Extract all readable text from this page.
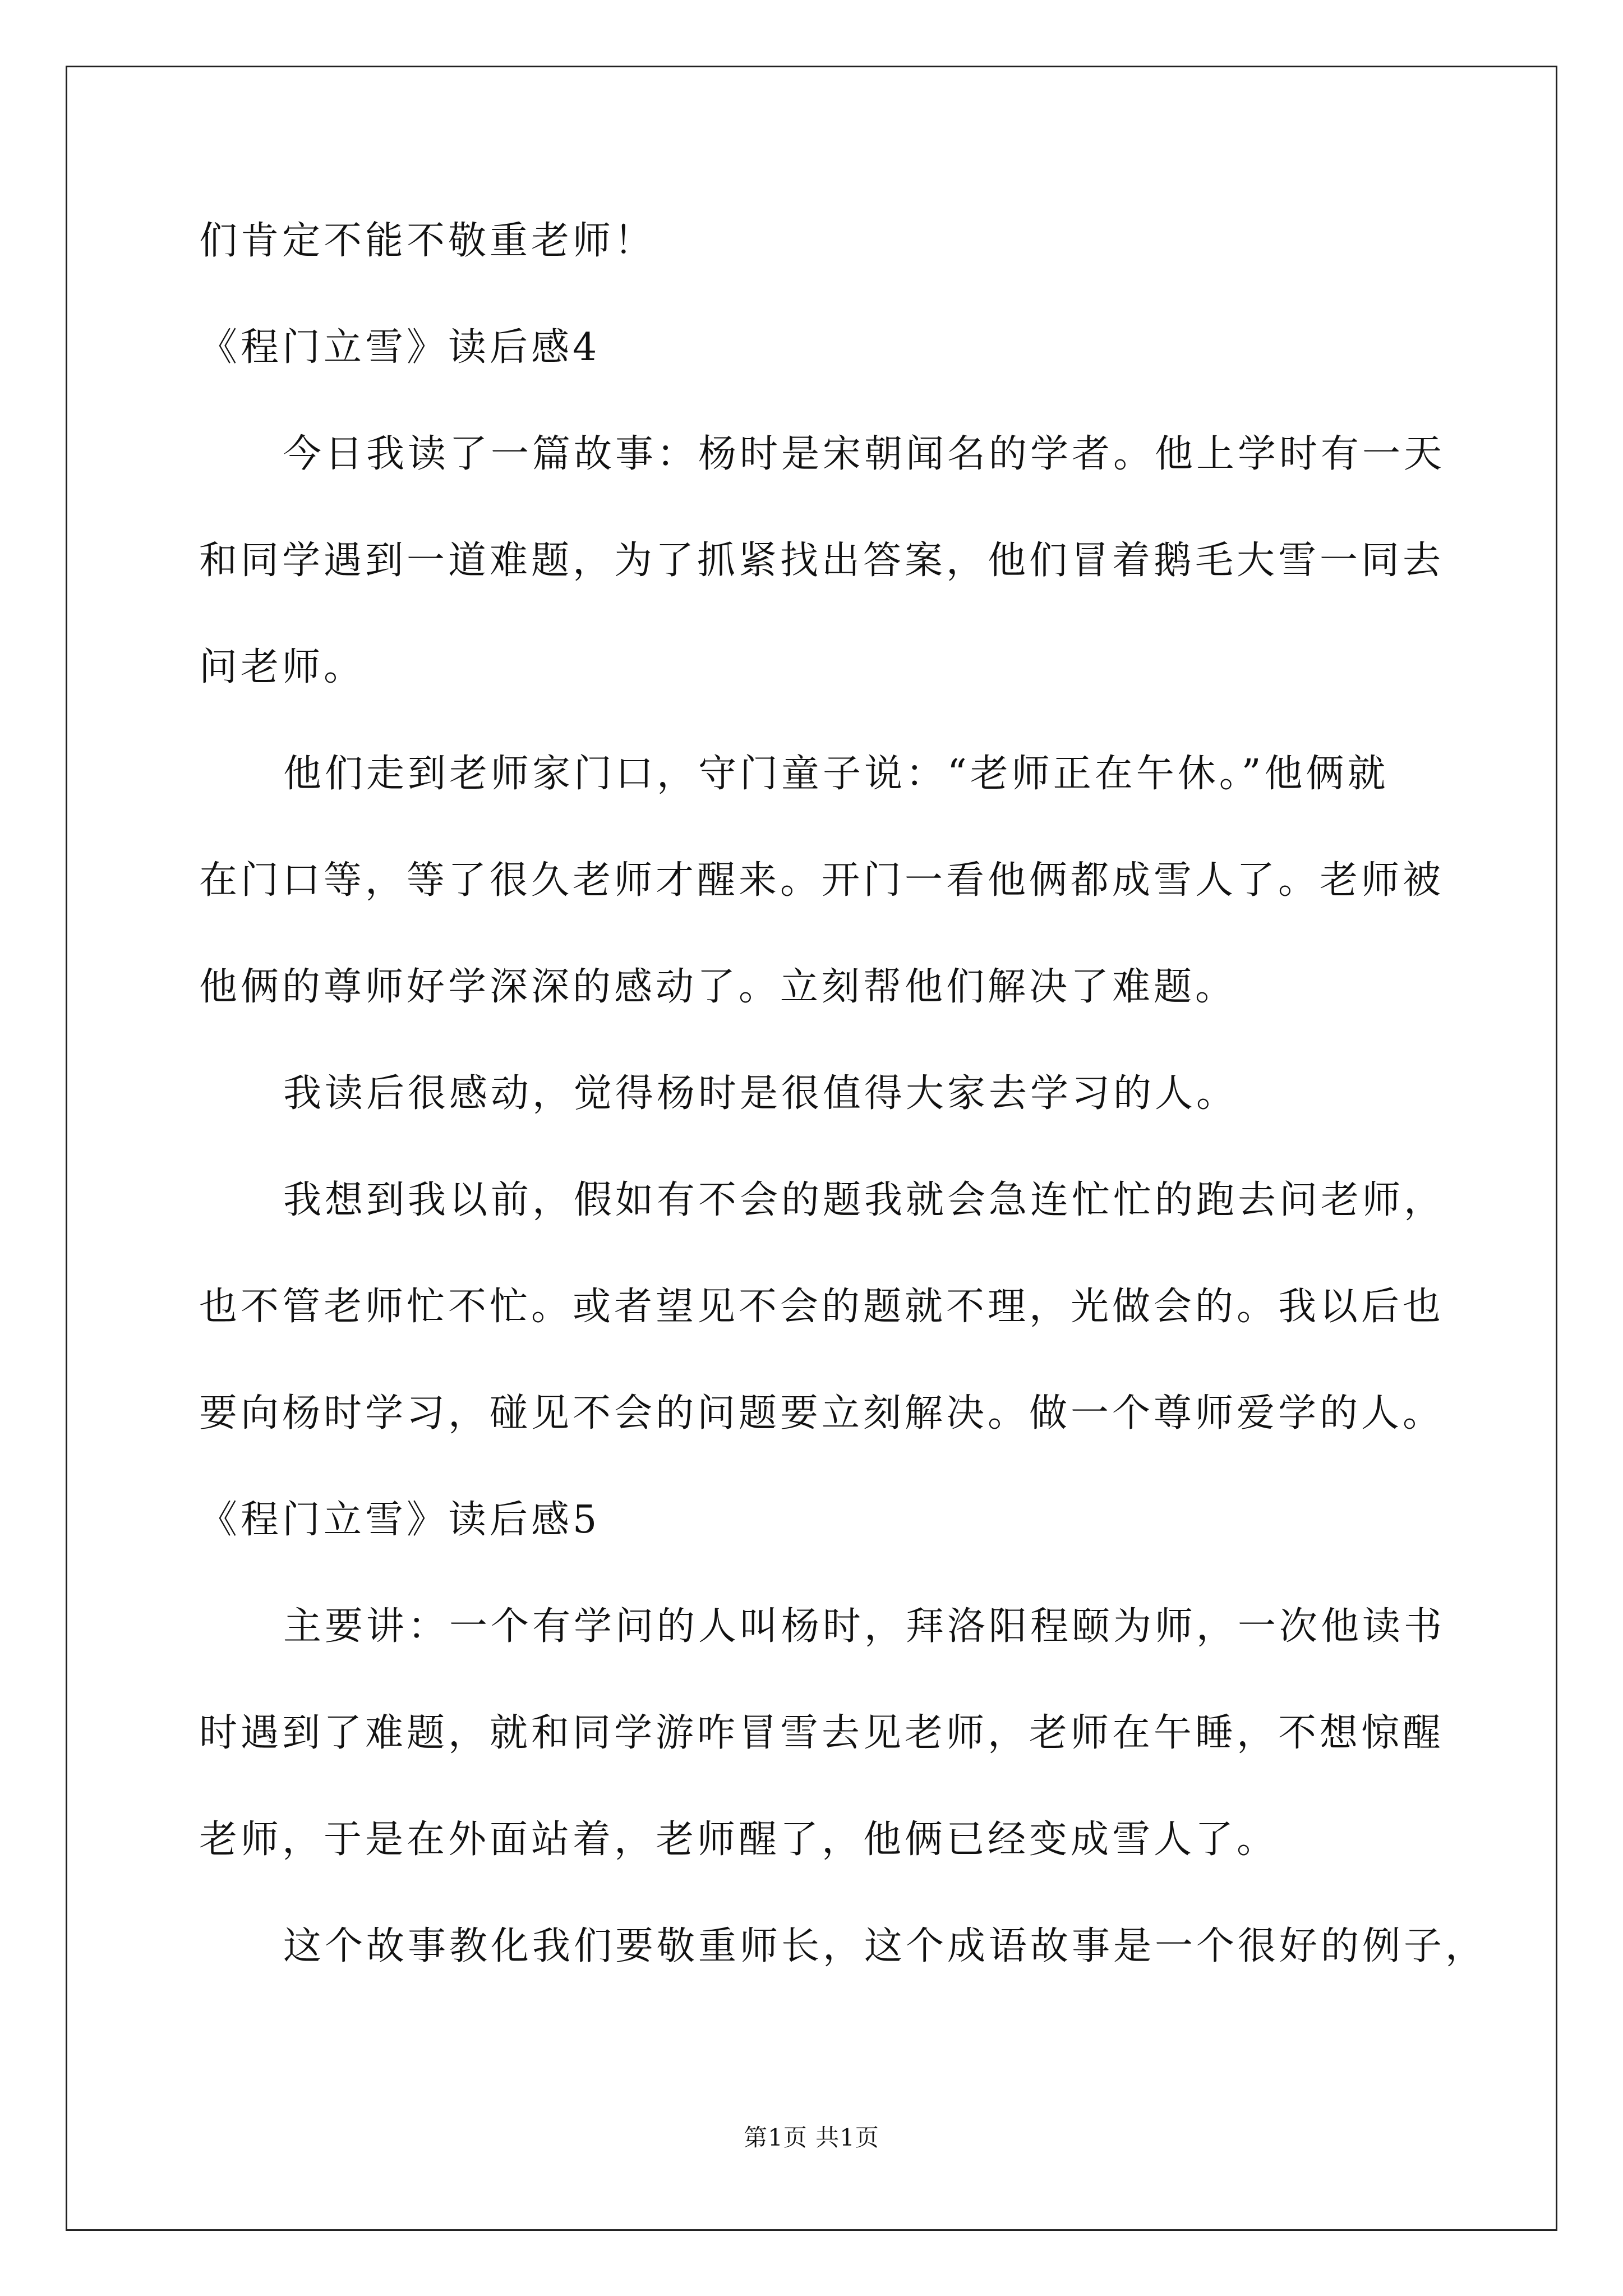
们肯定不能不敬重老师！
《程门立雪》读后感4
今日我读了一篇故事：杨时是宋朝闻名的学者。他上学时有一天
和同学遇到一道难题，为了抓紧找出答案，他们冒着鹅毛大雪一同去
问老师。
他们走到老师家门口，守门童子说：“老师正在午休。”他俩就
在门口等，等了很久老师才醒来。开门一看他俩都成雪人了。老师被
他俩的尊师好学深深的感动了。立刻帮他们解决了难题。
我读后很感动，觉得杨时是很值得大家去学习的人。
我想到我以前，假如有不会的题我就会急连忙忙的跑去问老师，
也不管老师忙不忙。或者望见不会的题就不理，光做会的。我以后也
要向杨时学习，碰见不会的问题要立刻解决。做一个尊师爱学的人。
《程门立雪》读后感5
主要讲：一个有学问的人叫杨时，拜洛阳程颐为师，一次他读书
时遇到了难题，就和同学游咋冒雪去见老师，老师在午睡，不想惊醒
老师，于是在外面站着，老师醒了，他俩已经变成雪人了。
这个故事教化我们要敬重师长，这个成语故事是一个很好的例子，
第1页 共1页
